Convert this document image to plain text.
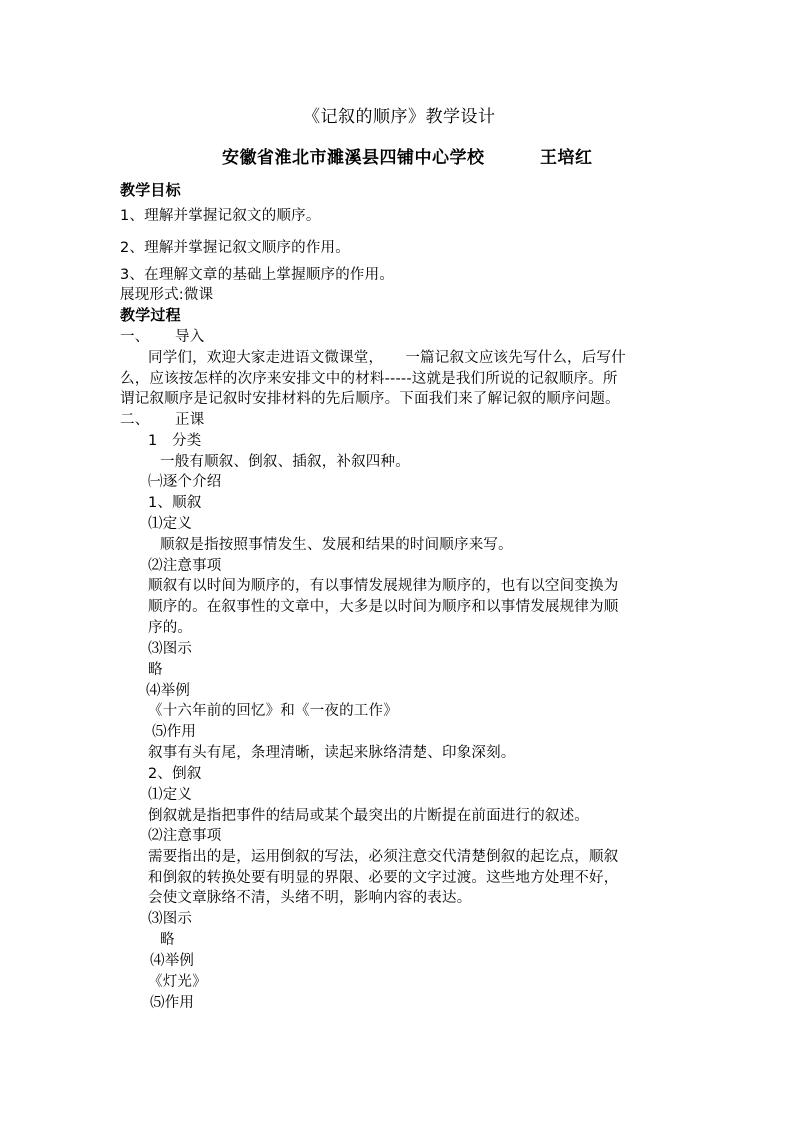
《记叙的顺序》教学设计
安徽省淮北市濉溪县四铺中心学校	王培红
教学目标
1、理解并掌握记叙文的顺序。
2、理解并掌握记叙文顺序的作用。
3、在理解文章的基础上掌握顺序的作用。
展现形式:微课
教学过程
一、 导入
同学们，欢迎大家走进语文微课堂，　　一篇记叙文应该先写什么，后写什
么，应该按怎样的次序来安排文中的材料-----这就是我们所说的记叙顺序。所
谓记叙顺序是记叙时安排材料的先后顺序。下面我们来了解记叙的顺序问题。
二、 正课
1 分类
一般有顺叙、倒叙、插叙，补叙四种。
㈠逐个介绍
1、顺叙
⑴定义
顺叙是指按照事情发生、发展和结果的时间顺序来写。
⑵注意事项
顺叙有以时间为顺序的，有以事情发展规律为顺序的，也有以空间变换为
顺序的。在叙事性的文章中，大多是以时间为顺序和以事情发展规律为顺
序的。
⑶图示
略
⑷举例
《十六年前的回忆》和《一夜的工作》
⑸作用
叙事有头有尾，条理清晰，读起来脉络清楚、印象深刻。
2、倒叙
⑴定义
倒叙就是指把事件的结局或某个最突出的片断提在前面进行的叙述。
⑵注意事项
需要指出的是，运用倒叙的写法，必须注意交代清楚倒叙的起讫点，顺叙
和倒叙的转换处要有明显的界限、必要的文字过渡。这些地方处理不好，
会使文章脉络不清，头绪不明，影响内容的表达。
⑶图示
略
⑷举例
《灯光》
⑸作用
